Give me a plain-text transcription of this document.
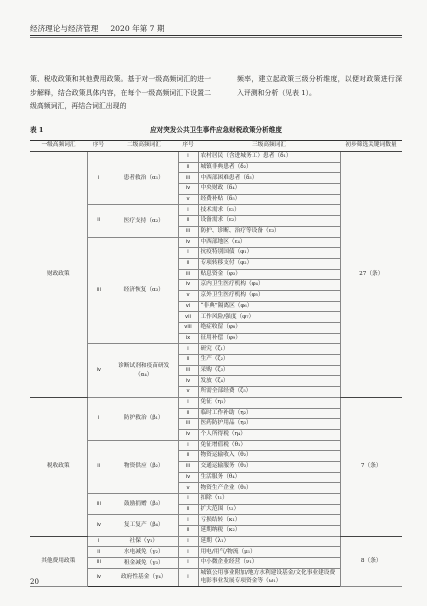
经济理论与经济管理 2020 年第 7 期
策、税收政策和其他费用政策。基于对一级高频词汇的进一步解释，结合政策具体内容，在每个一级高频词汇下设置二级高频词汇，再结合词汇出现的
频率，建立起政策三级分析维度，以便对政策进行深入评测和分析（见表 1）。
表 1	应对突发公共卫生事件应急财税政策分析维度
一级高频词汇	序号	二级高频词汇	序号	三级高频词汇	初步筛选关键词数量
财政政策	i	患者救治（α₁）	i	农村居民（含进城务工）患者（δ₁）	27（条）
			ii	城镇非典患者（δ₂）	
			iii	中西部困难患者（δ₃）	
			iv	中央财政（δ₄）	
			v	经费补贴（δ₅）	
	ii	医疗支持（α₂）	i	技术需求（ε₁）	
			ii	设备需求（ε₂）	
			iii	防护、诊断、治疗等设备（ε₃）	
	iii	经济恢复（α₃）	iv	中西部地区（ε₄）	
			i	抗疫特别国债（φ₁）	
			ii	专项转移支付（φ₂）	
			iii	贴息资金（φ₃）	
			iv	京内卫生医疗机构（φ₄）	
			v	京外卫生医疗机构（φ₅）	
			vi	“非典”隔离区（φ₆）	
			vii	工作风险/强度（φ₇）	
			viii	绝症收留（φ₈）	
			ix	征用补偿（φ₉）	
	iv	诊断试剂和疫苗研发（α₄）	i	研究（ζ₁）	
			ii	生产（ζ₂）	
			iii	采购（ζ₃）	
			iv	发放（ζ₄）	
			v	所需全部经费（ζ₅）	
税收政策	i	防护救治（β₁）	i	免征（η₁）	7（条）
			ii	临时工作补助（η₂）	
			iii	医药防护用品（η₃）	
			iv	个人所得税（η₄）	
	ii	物资供应（β₂）	i	免征增值税（θ₁）	
			ii	物资运输收入（θ₂）	
			iii	交通运输服务（θ₃）	
			iv	生活服务（θ₄）	
			v	物资生产企业（θ₅）	
	iii	鼓励捐赠（β₃）	i	扣除（ι₁）	
			ii	扩大范围（ι₂）	
	iv	复工复产（β₄）	i	亏损结转（κ₁）	
			ii	延期纳税（κ₂）	
其他费用政策	i	社保（γ₁）	i	延期（λ₁）	8（条）
	ii	水电减免（γ₂）	i	用电/用气/物流（μ₁）	
	iii	租金减免（γ₃）	i	中小微企业经营（ν₁）	
	iv	政府性基金（γ₄）	i	城镇公用事业附加/地方水利建设基金/文化事业建设费电影事业发展专项资金等（ω₁）	
20
